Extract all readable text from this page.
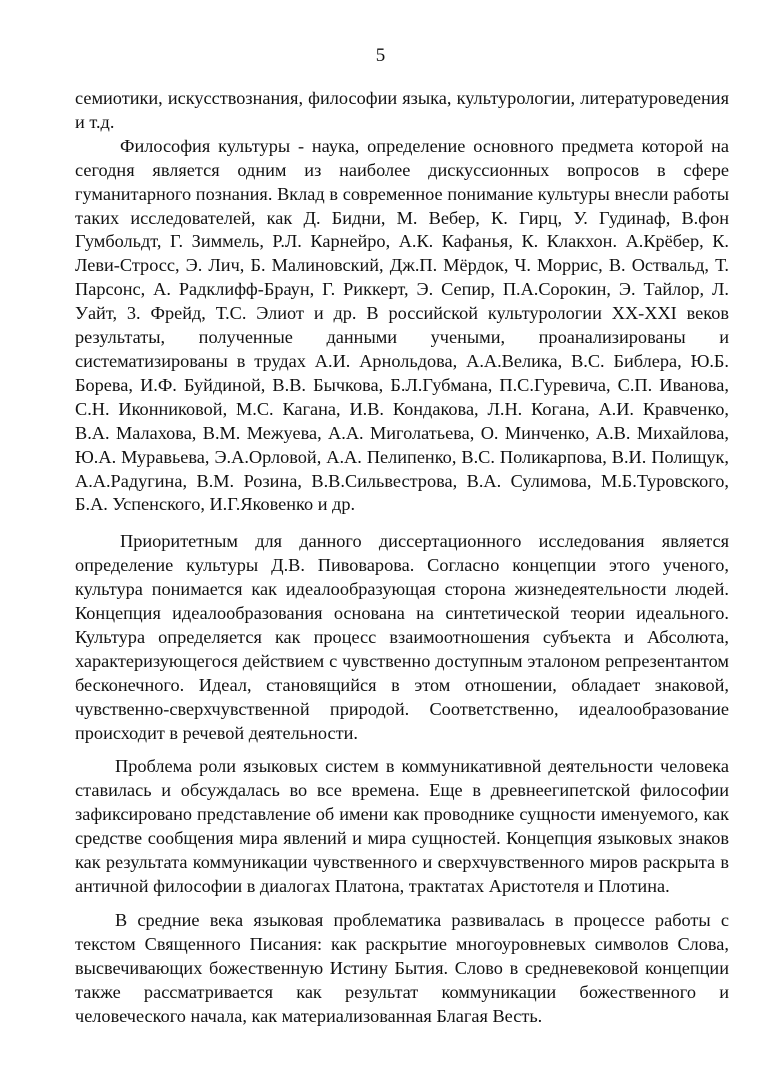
5

семиотики, искусствознания, философии языка, культурологии, литературоведения и т.д.

Философия культуры - наука, определение основного предмета которой на сегодня является одним из наиболее дискуссионных вопросов в сфере гуманитарного познания. Вклад в современное понимание культуры внесли работы таких исследователей, как Д. Бидни, М. Вебер, К. Гирц, У. Гудинаф, В.фон Гумбольдт, Г. Зиммель, Р.Л. Карнейро, А.К. Кафанья, К. Клакхон. А.Крёбер, К. Леви-Стросс, Э. Лич, Б. Малиновский, Дж.П. Мёрдок, Ч. Моррис, В. Оствальд, Т. Парсонс, А. Радклифф-Браун, Г. Риккерт, Э. Сепир, П.А.Сорокин, Э. Тайлор, Л. Уайт, 3. Фрейд, Т.С. Элиот и др. В российской культурологии XX-XXI веков результаты, полученные данными учеными, проанализированы и систематизированы в трудах А.И. Арнольдова, А.А.Велика, В.С. Библера, Ю.Б. Борева, И.Ф. Буйдиной, В.В. Бычкова, Б.Л.Губмана, П.С.Гуревича, С.П. Иванова, С.Н. Иконниковой, М.С. Кагана, И.В. Кондакова, Л.Н. Когана, А.И. Кравченко, В.А. Малахова, В.М. Межуева, А.А. Миголатьева, О. Минченко, А.В. Михайлова, Ю.А. Муравьева, Э.А.Орловой, А.А. Пелипенко, В.С. Поликарпова, В.И. Полищук, А.А.Радугина, В.М. Розина, В.В.Сильвестрова, В.А. Сулимова, М.Б.Туровского, Б.А. Успенского, И.Г.Яковенко и др.

Приоритетным для данного диссертационного исследования является определение культуры Д.В. Пивоварова. Согласно концепции этого ученого, культура понимается как идеалообразующая сторона жизнедеятельности людей. Концепция идеалообразования основана на синтетической теории идеального. Культура определяется как процесс взаимоотношения субъекта и Абсолюта, характеризующегося действием с чувственно доступным эталоном репрезентантом бесконечного. Идеал, становящийся в этом отношении, обладает знаковой, чувственно-сверхчувственной природой. Соответственно, идеалообразование происходит в речевой деятельности.

Проблема роли языковых систем в коммуникативной деятельности человека ставилась и обсуждалась во все времена. Еще в древнеегипетской философии зафиксировано представление об имени как проводнике сущности именуемого, как средстве сообщения мира явлений и мира сущностей. Концепция языковых знаков как результата коммуникации чувственного и сверхчувственного миров раскрыта в античной философии в диалогах Платона, трактатах Аристотеля и Плотина.

В средние века языковая проблематика развивалась в процессе работы с текстом Священного Писания: как раскрытие многоуровневых символов Слова, высвечивающих божественную Истину Бытия. Слово в средневековой концепции также рассматривается как результат коммуникации божественного и человеческого начала, как материализованная Благая Весть.
